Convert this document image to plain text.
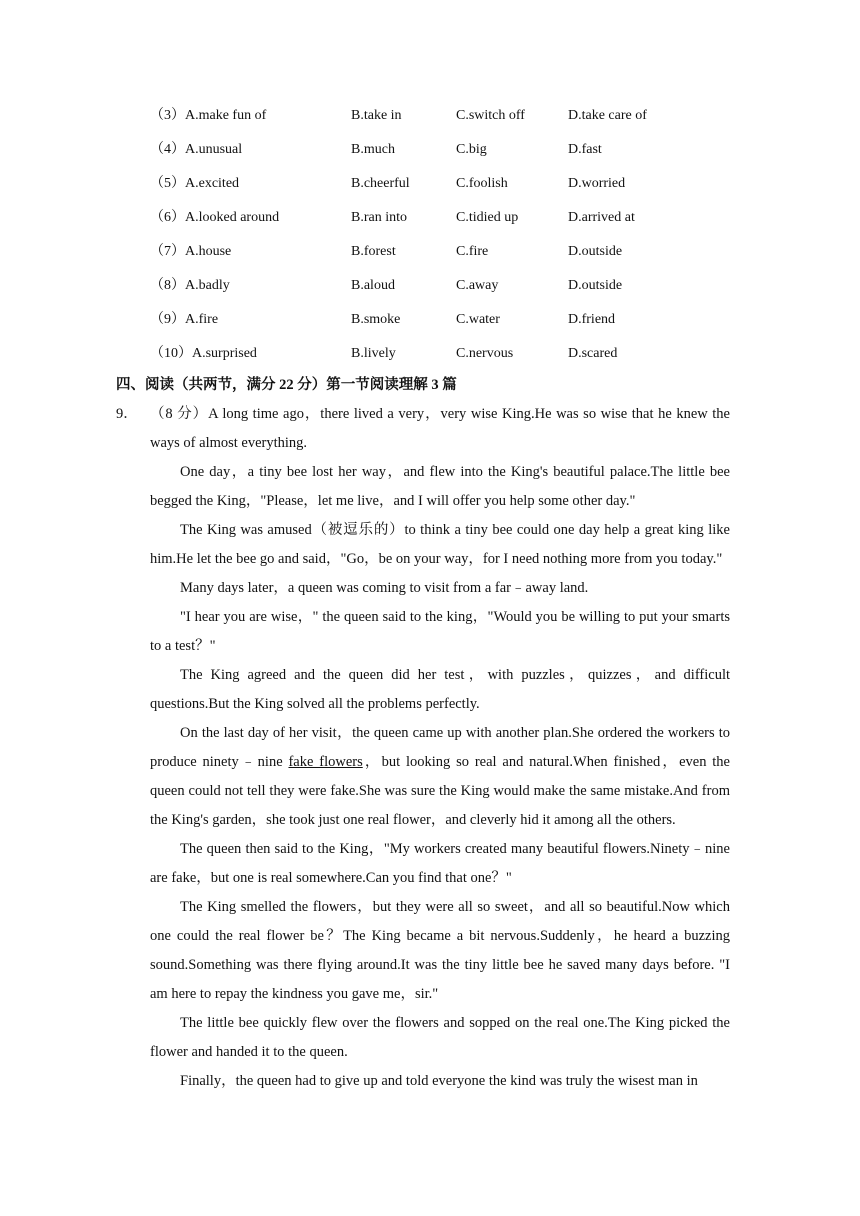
（3）A.make fun of	B.take in	C.switch off	D.take care of
（4）A.unusual	B.much	C.big	D.fast
（5）A.excited	B.cheerful	C.foolish	D.worried
（6）A.looked around	B.ran into	C.tidied up	D.arrived at
（7）A.house	B.forest	C.fire	D.outside
（8）A.badly	B.aloud	C.away	D.outside
（9）A.fire	B.smoke	C.water	D.friend
（10）A.surprised	B.lively	C.nervous	D.scared
四、阅读（共两节，满分 22 分）第一节阅读理解 3 篇

9． （8 分）A long time ago，there lived a very，very wise King.He was so wise that he knew the ways of almost everything.

One day，a tiny bee lost her way，and flew into the King's beautiful palace.The little bee begged the King，"Please，let me live，and I will offer you help some other day."

The King was amused（被逗乐的）to think a tiny bee could one day help a great king like him.He let the bee go and said，"Go，be on your way，for I need nothing more from you today."

Many days later，a queen was coming to visit from a far﹣away land.

"I hear you are wise，" the queen said to the king，"Would you be willing to put your smarts to a test？"

The King agreed and the queen did her test，with puzzles，quizzes，and difficult questions.But the King solved all the problems perfectly.

On the last day of her visit，the queen came up with another plan.She ordered the workers to produce ninety﹣nine fake flowers，but looking so real and natural.When finished，even the queen could not tell they were fake.She was sure the King would make the same mistake.And from the King's garden，she took just one real flower，and cleverly hid it among all the others.

The queen then said to the King，"My workers created many beautiful flowers.Ninety﹣nine are fake，but one is real somewhere.Can you find that one？"

The King smelled the flowers，but they were all so sweet，and all so beautiful.Now which one could the real flower be？The King became a bit nervous.Suddenly，he heard a buzzing sound.Something was there flying around.It was the tiny little bee he saved many days before. "I am here to repay the kindness you gave me，sir."

The little bee quickly flew over the flowers and sopped on the real one.The King picked the flower and handed it to the queen.

Finally，the queen had to give up and told everyone the kind was truly the wisest man in
